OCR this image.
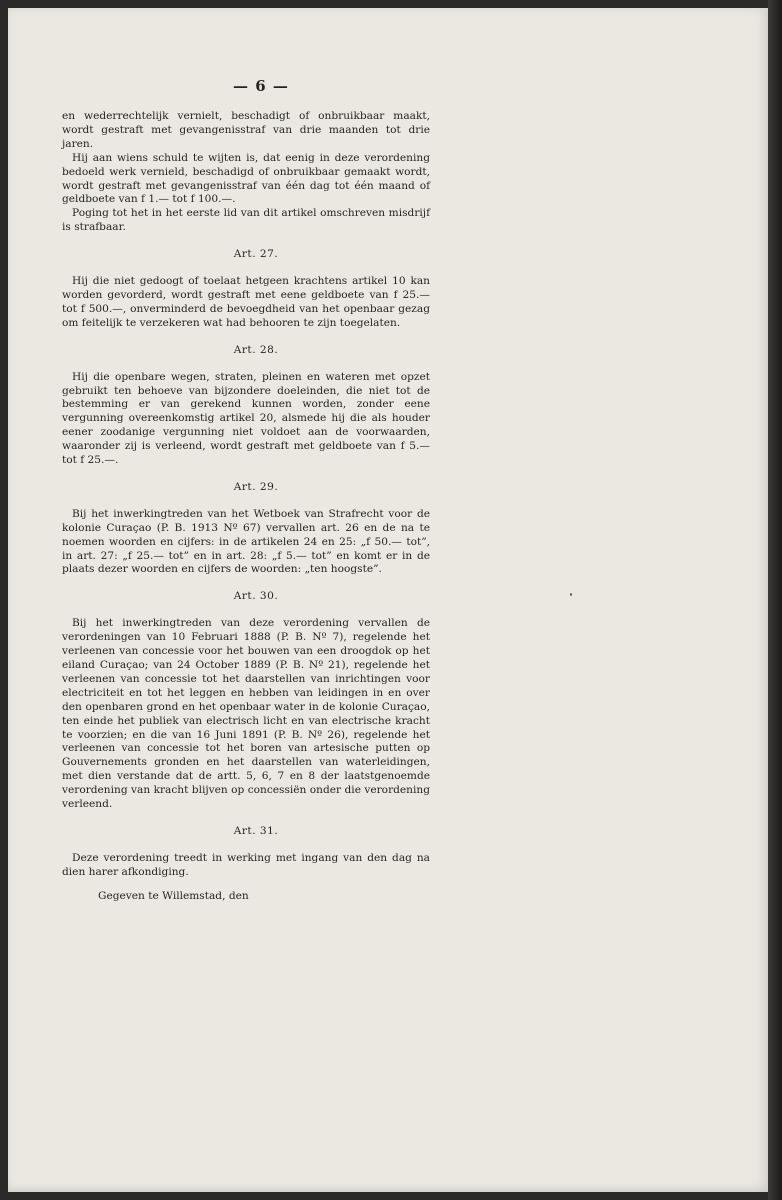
— 6 —

en wederrechtelijk vernielt, beschadigt of onbruikbaar maakt, wordt gestraft met gevangenisstraf van drie maanden tot drie jaren.

Hij aan wiens schuld te wijten is, dat eenig in deze verordening bedoeld werk vernield, beschadigd of onbruikbaar gemaakt wordt, wordt gestraft met gevangenisstraf van één dag tot één maand of geldboete van f 1.— tot f 100.—.

Poging tot het in het eerste lid van dit artikel omschreven misdrijf is strafbaar.

Art. 27.

Hij die niet gedoogt of toelaat hetgeen krachtens artikel 10 kan worden gevorderd, wordt gestraft met eene geldboete van f 25.— tot f 500.—, onverminderd de bevoegdheid van het openbaar gezag om feitelijk te verzekeren wat had behooren te zijn toegelaten.

Art. 28.

Hij die openbare wegen, straten, pleinen en wateren met opzet gebruikt ten behoeve van bijzondere doeleinden, die niet tot de bestemming er van gerekend kunnen worden, zonder eene vergunning overeenkomstig artikel 20, alsmede hij die als houder eener zoodanige vergunning niet voldoet aan de voorwaarden, waaronder zij is verleend, wordt gestraft met geldboete van f 5.— tot f 25.—.

Art. 29.

Bij het inwerkingtreden van het Wetboek van Strafrecht voor de kolonie Curaçao (P. B. 1913 Nº 67) vervallen art. 26 en de na te noemen woorden en cijfers: in de artikelen 24 en 25: „f 50.— tot”, in art. 27: „f 25.— tot” en in art. 28: „f 5.— tot” en komt er in de plaats dezer woorden en cijfers de woorden: „ten hoogste”.

Art. 30.

Bij het inwerkingtreden van deze verordening vervallen de verordeningen van 10 Februari 1888 (P. B. Nº 7), regelende het verleenen van concessie voor het bouwen van een droogdok op het eiland Curaçao; van 24 October 1889 (P. B. Nº 21), regelende het verleenen van concessie tot het daarstellen van inrichtingen voor electriciteit en tot het leggen en hebben van leidingen in en over den openbaren grond en het openbaar water in de kolonie Curaçao, ten einde het publiek van electrisch licht en van electrische kracht te voorzien; en die van 16 Juni 1891 (P. B. Nº 26), regelende het verleenen van concessie tot het boren van artesische putten op Gouvernements gronden en het daarstellen van waterleidingen, met dien verstande dat de artt. 5, 6, 7 en 8 der laatstgenoemde verordening van kracht blijven op concessiën onder die verordening verleend.

Art. 31.

Deze verordening treedt in werking met ingang van den dag na dien harer afkondiging.

Gegeven te Willemstad, den
